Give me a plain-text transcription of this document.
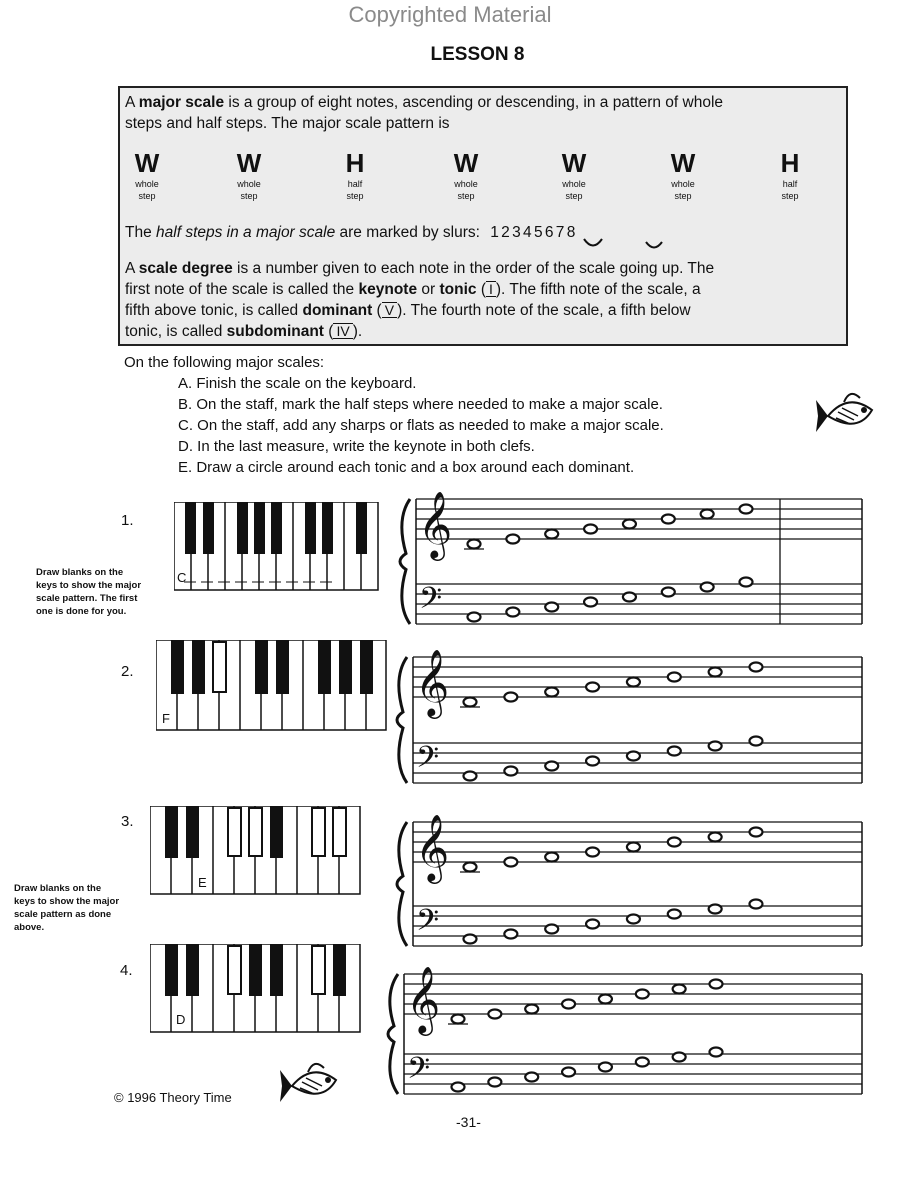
Copyrighted Material
LESSON 8
A major scale is a group of eight notes, ascending or descending, in a pattern of whole
steps and half steps. The major scale pattern is
W
whole
step
W
whole
step
H
half
step
W
whole
step
W
whole
step
W
whole
step
H
half
step
The half steps in a major scale are marked by slurs: 1 2 3 4 5 6 7 8
A scale degree is a number given to each note in the order of the scale going up. The
first note of the scale is called the keynote or tonic ( I ). The fifth note of the scale, a
fifth above tonic, is called dominant ( V ). The fourth note of the scale, a fifth below
tonic, is called subdominant ( IV ).
On the following major scales:
A. Finish the scale on the keyboard.
B. On the staff, mark the half steps where needed to make a major scale.
C. On the staff, add any sharps or flats as needed to make a major scale.
D. In the last measure, write the keynote in both clefs.
E. Draw a circle around each tonic and a box around each dominant.
Draw blanks on the
keys to show the major
scale pattern. The first
one is done for you.
Draw blanks on the
keys to show the major
scale pattern as done
above.
1.
2.
3.
4.
C
F
E
D
𝄞
𝄢
𝄞
𝄢
𝄞
𝄢
𝄞
𝄢
© 1996 Theory Time
-31-
